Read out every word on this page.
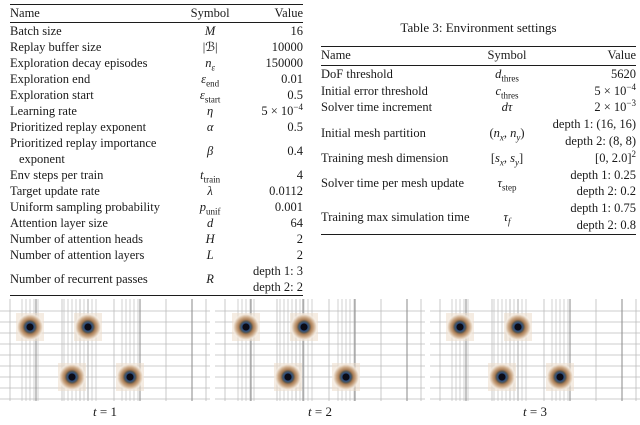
Name	Symbol	Value
Batch size	M	16
Replay buffer size	|ℬ|	10000
Exploration decay episodes	$n_\varepsilon$	150000
Exploration end	$\varepsilon_{end}$	0.01
Exploration start	$\varepsilon_{start}$	0.5
Learning rate	η	$5 \times 10^{-4}$
Prioritized replay exponent	α	0.5
Prioritized replay importance exponent	β	0.4
Env steps per train	$t_{train}$	4
Target update rate	λ	0.0112
Uniform sampling probability	$p_{unif}$	0.001
Attention layer size	d	64
Number of attention heads	H	2
Number of attention layers	L	2
Number of recurrent passes	R	depth 1: 3
depth 2: 2
Table 3: Environment settings
Name	Symbol	Value
DoF threshold	$d_{thres}$	5620
Initial error threshold	$c_{thres}$	$5 \times 10^{-4}$
Solver time increment	dτ	$2 \times 10^{-3}$
Initial mesh partition	($n_x$, $n_y$)	depth 1: (16, 16)
depth 2: (8, 8)
Training mesh dimension	[$s_x$, $s_y$]	[0, 2.0]$^2$
Solver time per mesh update	$\tau_{step}$	depth 1: 0.25
depth 2: 0.2
Training max simulation time	$\tau_f$	depth 1: 0.75
depth 2: 0.8
t = 1	t = 2	t = 3
